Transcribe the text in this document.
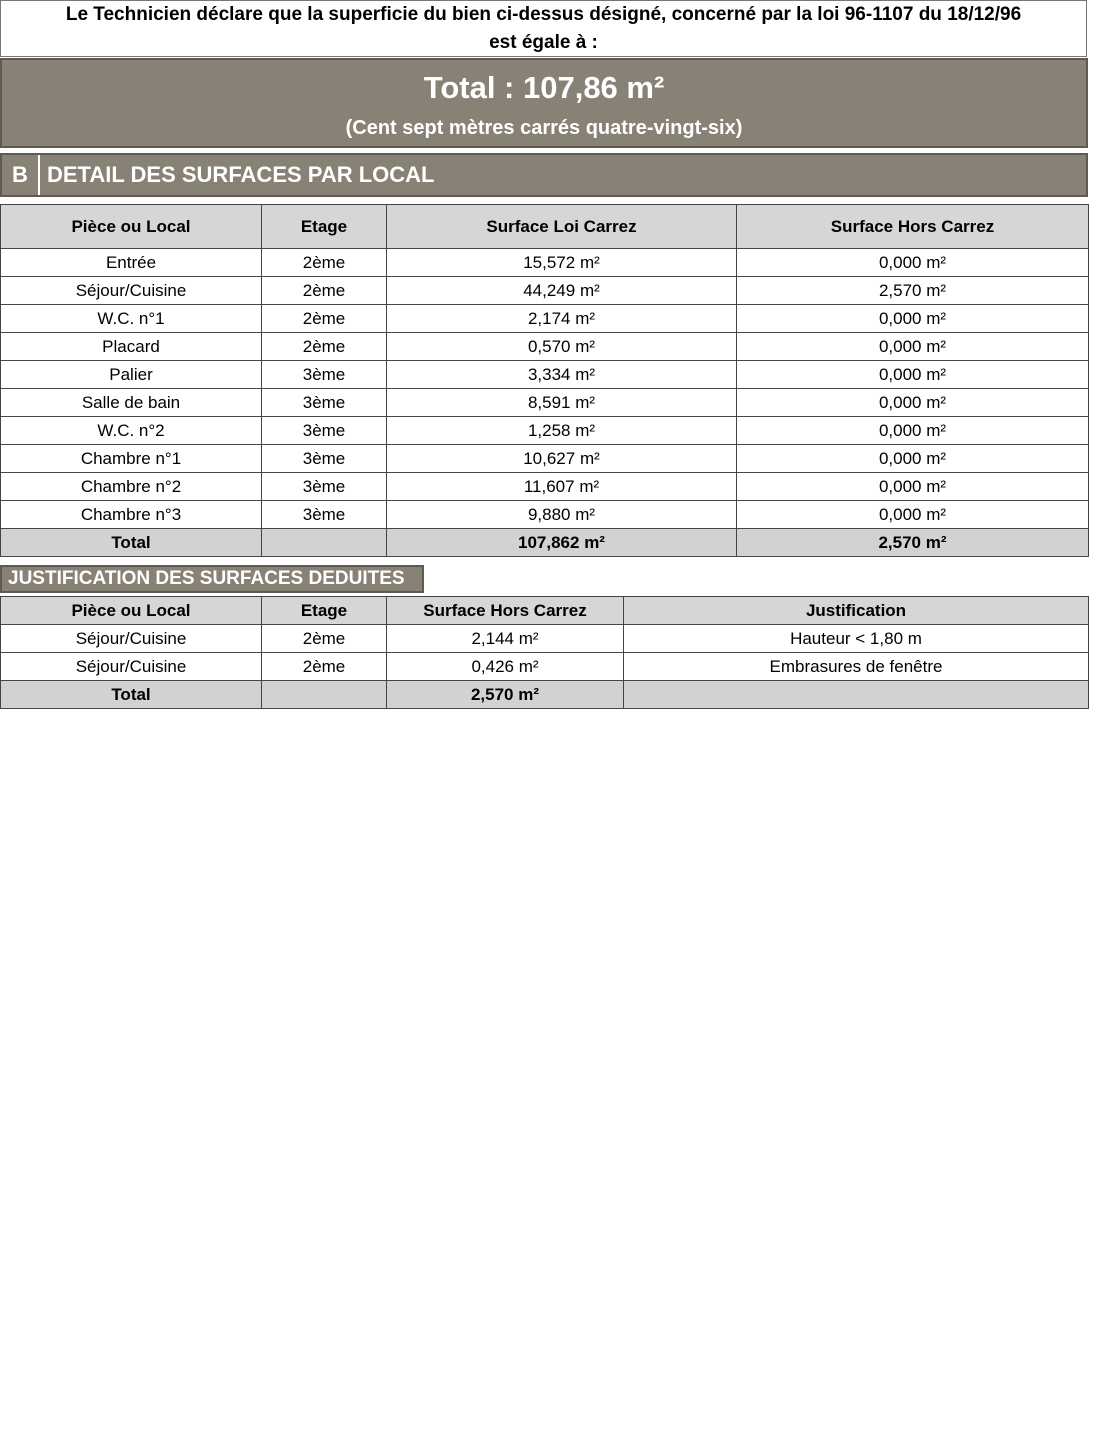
Le Technicien déclare que la superficie du bien ci-dessus désigné, concerné par la loi 96-1107 du 18/12/96
est égale à :
Total : 107,86 m²
(Cent sept mètres carrés quatre-vingt-six)
B DETAIL DES SURFACES PAR LOCAL
Pièce ou Local	Etage	Surface Loi Carrez	Surface Hors Carrez
Entrée	2ème	15,572 m²	0,000 m²
Séjour/Cuisine	2ème	44,249 m²	2,570 m²
W.C. n°1	2ème	2,174 m²	0,000 m²
Placard	2ème	0,570 m²	0,000 m²
Palier	3ème	3,334 m²	0,000 m²
Salle de bain	3ème	8,591 m²	0,000 m²
W.C. n°2	3ème	1,258 m²	0,000 m²
Chambre n°1	3ème	10,627 m²	0,000 m²
Chambre n°2	3ème	11,607 m²	0,000 m²
Chambre n°3	3ème	9,880 m²	0,000 m²
Total		107,862 m²	2,570 m²
JUSTIFICATION DES SURFACES DEDUITES
Pièce ou Local	Etage	Surface Hors Carrez	Justification
Séjour/Cuisine	2ème	2,144 m²	Hauteur < 1,80 m
Séjour/Cuisine	2ème	0,426 m²	Embrasures de fenêtre
Total		2,570 m²	
